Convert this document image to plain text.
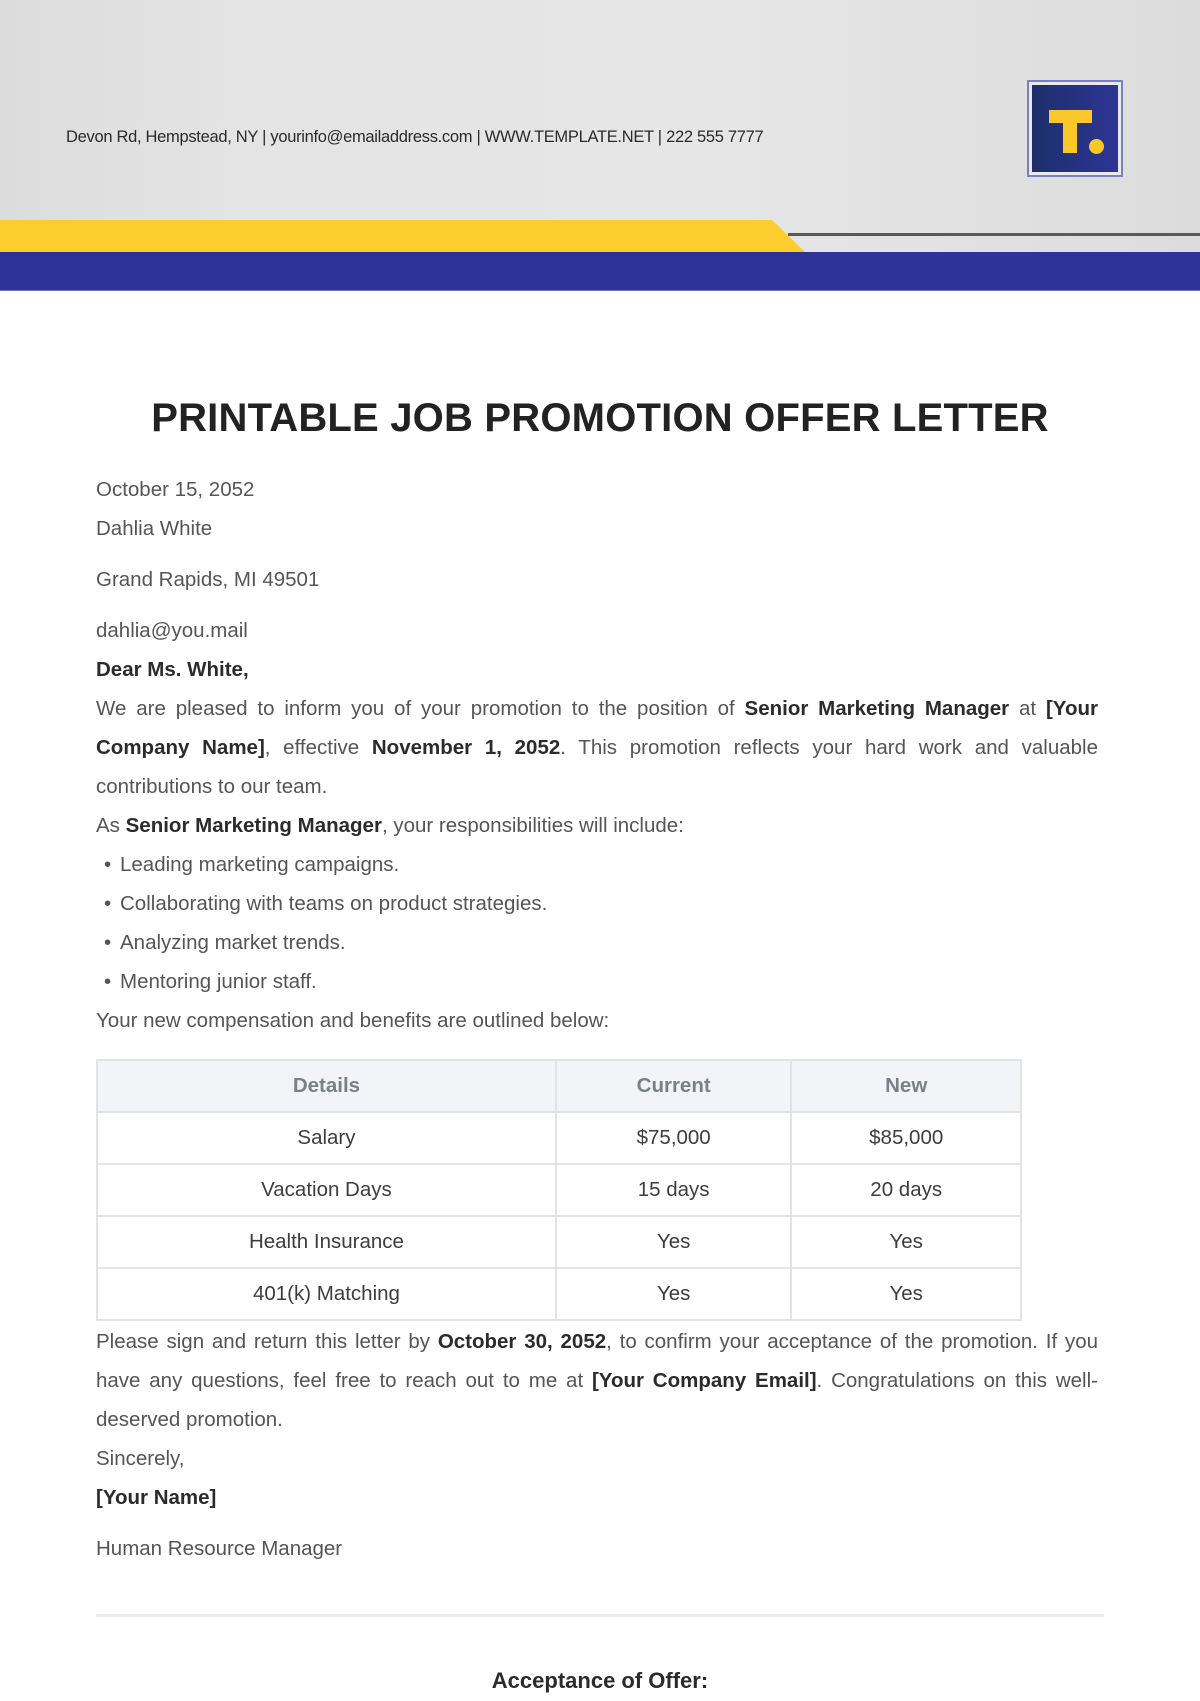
Devon Rd, Hempstead, NY | yourinfo@emailaddress.com | WWW.TEMPLATE.NET | 222 555 7777
PRINTABLE JOB PROMOTION OFFER LETTER
October 15, 2052
Dahlia White
Grand Rapids, MI 49501
dahlia@you.mail
Dear Ms. White,

We are pleased to inform you of your promotion to the position of Senior Marketing Manager at [Your Company Name], effective November 1, 2052. This promotion reflects your hard work and valuable contributions to our team.

As Senior Marketing Manager, your responsibilities will include:
• Leading marketing campaigns.
• Collaborating with teams on product strategies.
• Analyzing market trends.
• Mentoring junior staff.
Your new compensation and benefits are outlined below:
Details	Current	New
Salary	$75,000	$85,000
Vacation Days	15 days	20 days
Health Insurance	Yes	Yes
401(k) Matching	Yes	Yes

Please sign and return this letter by October 30, 2052, to confirm your acceptance of the promotion. If you have any questions, feel free to reach out to me at [Your Company Email]. Congratulations on this well-deserved promotion.

Sincerely,
[Your Name]
Human Resource Manager
Acceptance of Offer:
